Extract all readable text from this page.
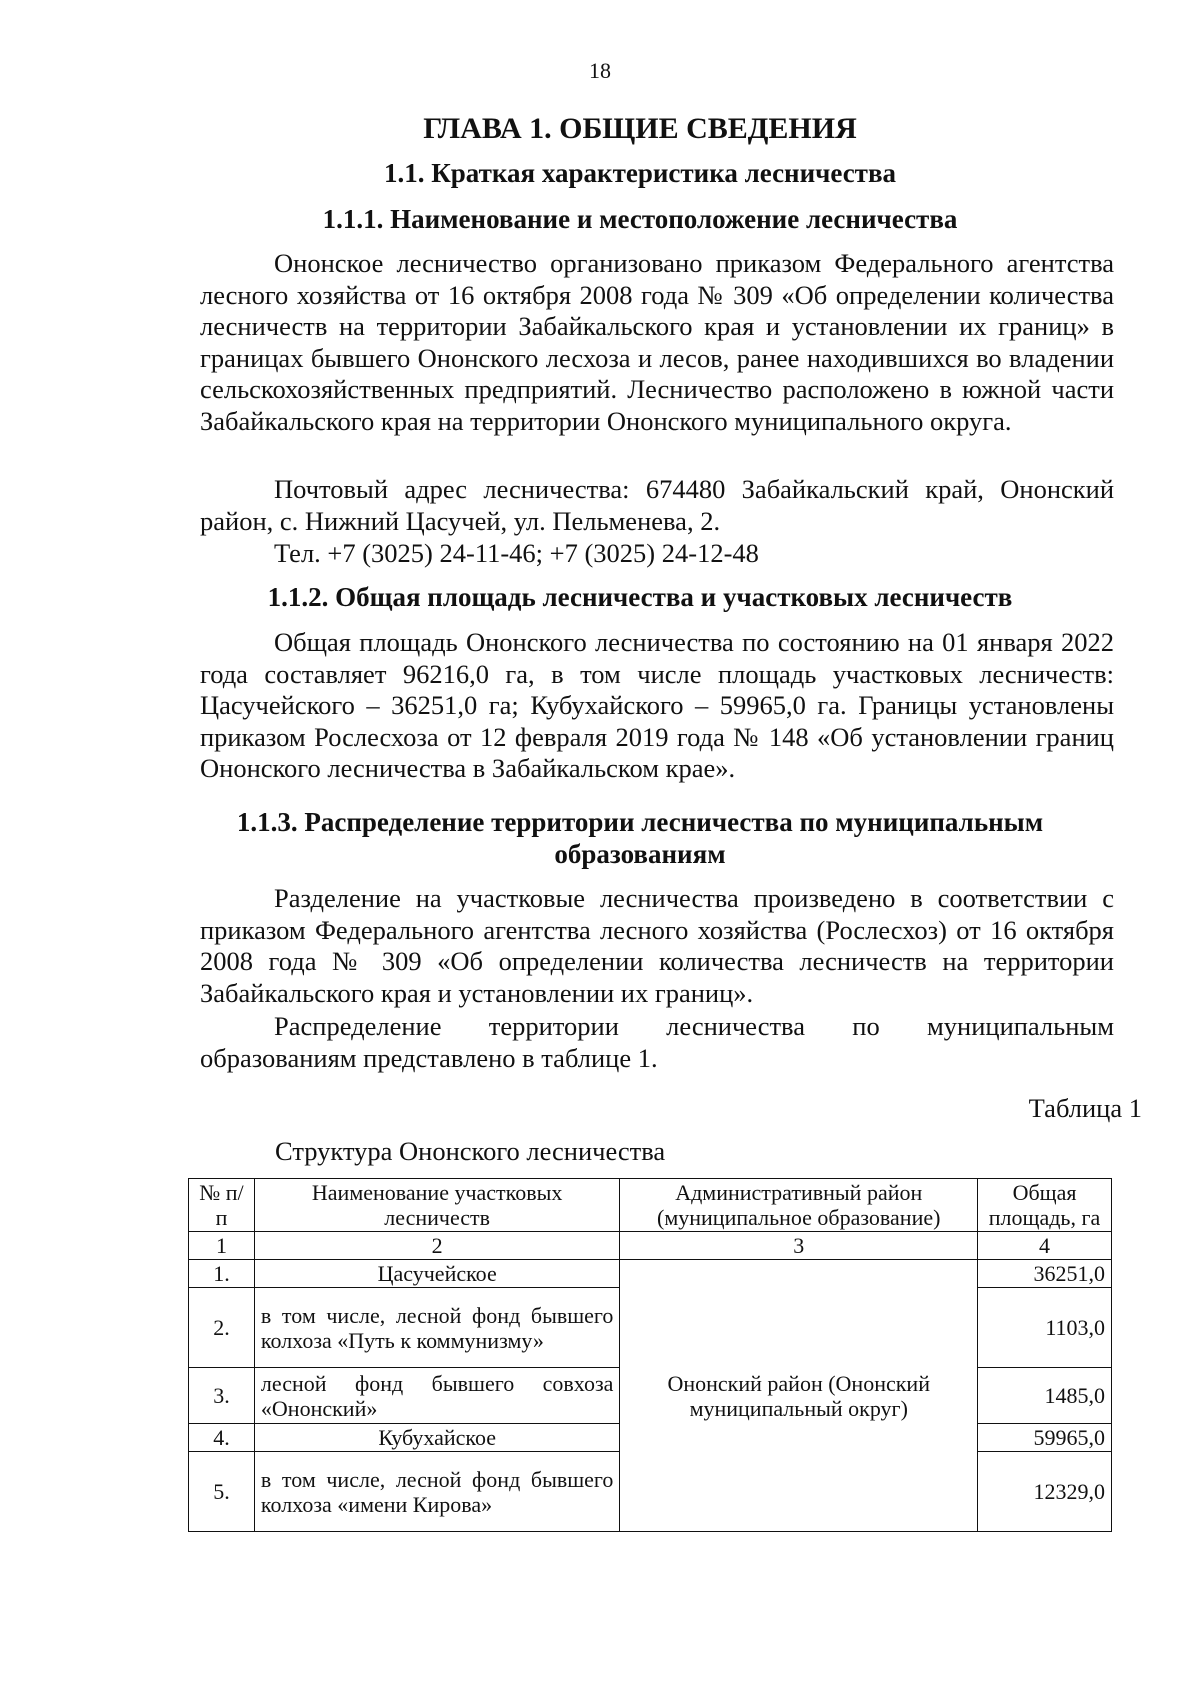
18
ГЛАВА 1. ОБЩИЕ СВЕДЕНИЯ
1.1. Краткая характеристика лесничества
1.1.1. Наименование и местоположение лесничества

Ононское лесничество организовано приказом Федерального агентства лесного хозяйства от 16 октября 2008 года № 309 «Об определении количества лесничеств на территории Забайкальского края и установлении их границ» в границах бывшего Ононского лесхоза и лесов, ранее находившихся во владении сельскохозяйственных предприятий. Лесничество расположено в южной части Забайкальского края на территории Ононского муниципального округа.

Почтовый адрес лесничества: 674480 Забайкальский край, Ононский район, с. Нижний Цасучей, ул. Пельменева, 2.

Тел. +7 (3025) 24-11-46; +7 (3025) 24-12-48

1.1.2. Общая площадь лесничества и участковых лесничеств

Общая площадь Ононского лесничества по состоянию на 01 января 2022 года составляет 96216,0 га, в том числе площадь участковых лесничеств: Цасучейского – 36251,0 га; Кубухайского – 59965,0 га. Границы установлены приказом Рослесхоза от 12 февраля 2019 года № 148 «Об установлении границ Ононского лесничества в Забайкальском крае».

1.1.3. Распределение территории лесничества по муниципальным образованиям

Разделение на участковые лесничества произведено в соответствии с приказом Федерального агентства лесного хозяйства (Рослесхоз) от 16 октября 2008 года № 309 «Об определении количества лесничеств на территории Забайкальского края и установлении их границ».

Распределение территории лесничества по муниципальным образованиям представлено в таблице 1.

Таблица 1
Структура Ононского лесничества
№ п/п	Наименование участковых лесничеств	Административный район (муниципальное образование)	Общая площадь, га
1	2	3	4
1.	Цасучейское	Ононский район (Ононский муниципальный округ)	36251,0
2.	в том числе, лесной фонд бывшего колхоза «Путь к коммунизму»		1103,0
3.	лесной фонд бывшего совхоза «Ононский»		1485,0
4.	Кубухайское		59965,0
5.	в том числе, лесной фонд бывшего колхоза «имени Кирова»		12329,0
